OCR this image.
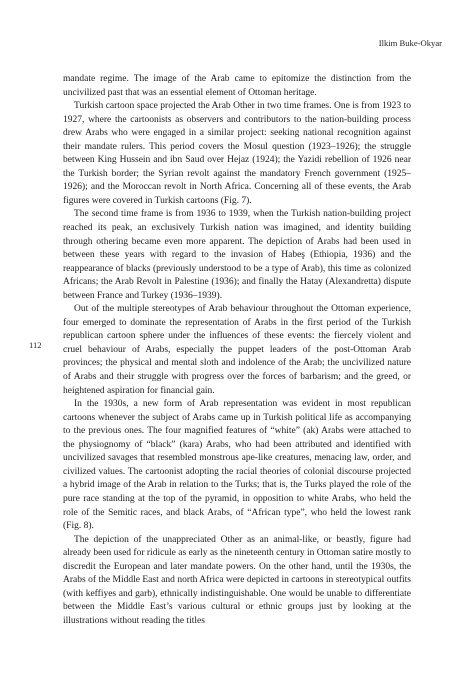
Ilkim Buke-Okyar
112

mandate regime. The image of the Arab came to epitomize the distinction from the uncivilized past that was an essential element of Ottoman heritage.

Turkish cartoon space projected the Arab Other in two time frames. One is from 1923 to 1927, where the cartoonists as observers and contributors to the nation-building process drew Arabs who were engaged in a similar project: seeking national recognition against their mandate rulers. This period covers the Mosul question (1923–1926); the struggle between King Hussein and ibn Saud over Hejaz (1924); the Yazidi rebellion of 1926 near the Turkish border; the Syrian revolt against the mandatory French government (1925–1926); and the Moroccan revolt in North Africa. Concerning all of these events, the Arab figures were covered in Turkish cartoons (Fig. 7).

The second time frame is from 1936 to 1939, when the Turkish nation-building project reached its peak, an exclusively Turkish nation was imagined, and identity building through othering became even more apparent. The depiction of Arabs had been used in between these years with regard to the invasion of Habeş (Ethiopia, 1936) and the reappearance of blacks (previously understood to be a type of Arab), this time as colonized Africans; the Arab Revolt in Palestine (1936); and finally the Hatay (Alexandretta) dispute between France and Turkey (1936–1939).

Out of the multiple stereotypes of Arab behaviour throughout the Ottoman experience, four emerged to dominate the representation of Arabs in the first period of the Turkish republican cartoon sphere under the influences of these events: the fiercely violent and cruel behaviour of Arabs, especially the puppet leaders of the post-Ottoman Arab provinces; the physical and mental sloth and indolence of the Arab; the uncivilized nature of Arabs and their struggle with progress over the forces of barbarism; and the greed, or heightened aspiration for financial gain.

In the 1930s, a new form of Arab representation was evident in most republican cartoons whenever the subject of Arabs came up in Turkish political life as accompanying to the previous ones. The four magnified features of “white” (ak) Arabs were attached to the physiognomy of “black” (kara) Arabs, who had been attributed and identified with uncivilized savages that resembled monstrous ape-like creatures, menacing law, order, and civilized values. The cartoonist adopting the racial theories of colonial discourse projected a hybrid image of the Arab in relation to the Turks; that is, the Turks played the role of the pure race standing at the top of the pyramid, in opposition to white Arabs, who held the role of the Semitic races, and black Arabs, of “African type”, who held the lowest rank (Fig. 8).

The depiction of the unappreciated Other as an animal-like, or beastly, figure had already been used for ridicule as early as the nineteenth century in Ottoman satire mostly to discredit the European and later mandate powers. On the other hand, until the 1930s, the Arabs of the Middle East and north Africa were depicted in cartoons in stereotypical outfits (with keffiyes and garb), ethnically indistinguishable. One would be unable to differentiate between the Middle East’s various cultural or ethnic groups just by looking at the illustrations without reading the titles
